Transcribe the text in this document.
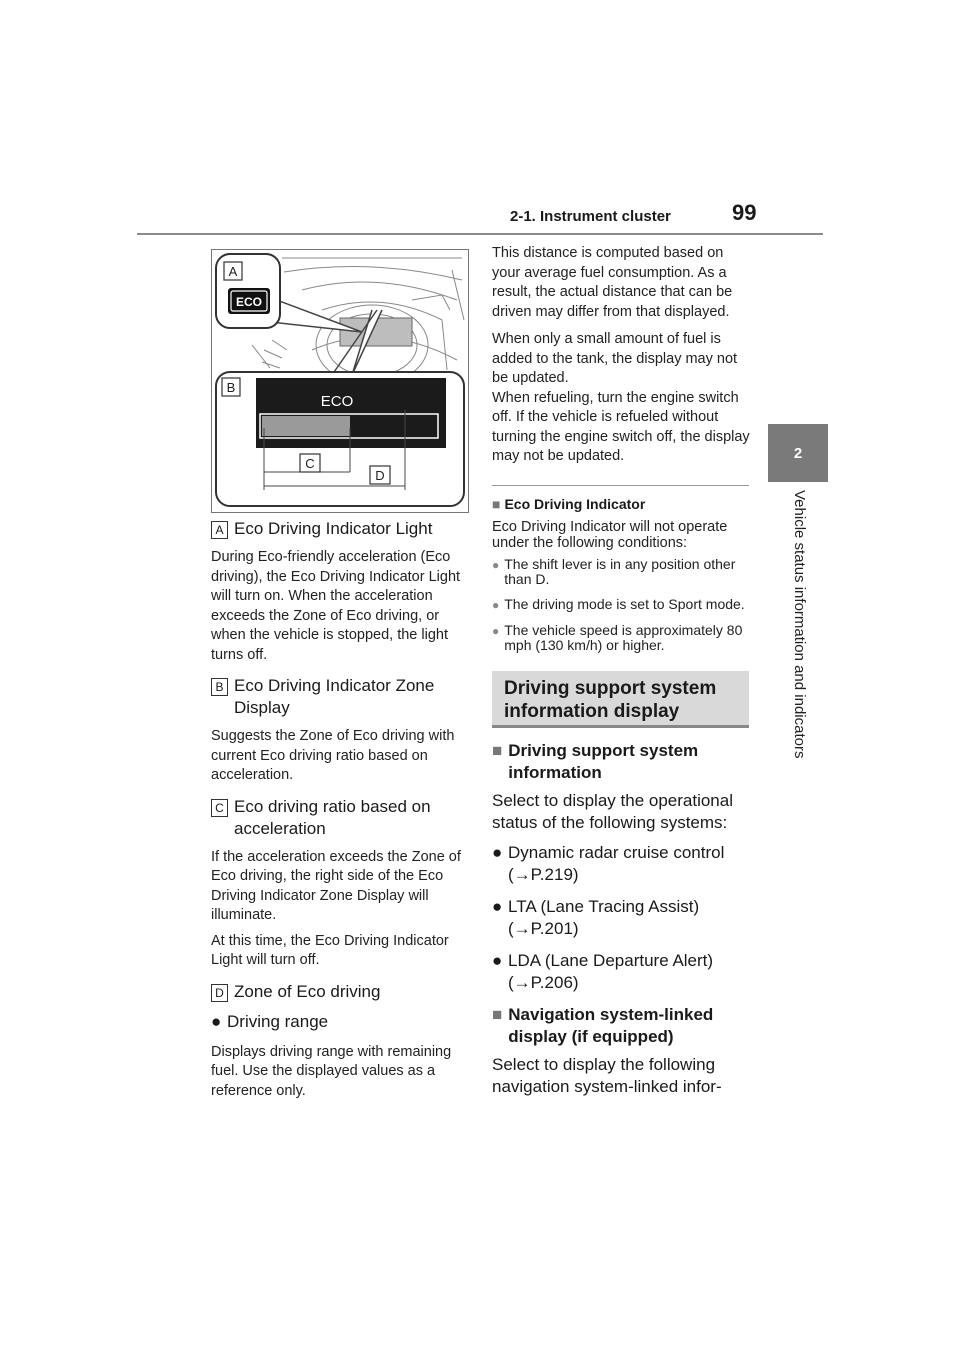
2-1. Instrument cluster	99
2
Vehicle status information and indicators
A
ECO
B
ECO
C
D
A Eco Driving Indicator Light

During Eco-friendly acceleration (Eco driving), the Eco Driving Indicator Light will turn on. When the acceleration exceeds the Zone of Eco driving, or when the vehicle is stopped, the light turns off.

B Eco Driving Indicator Zone Display

Suggests the Zone of Eco driving with current Eco driving ratio based on acceleration.

C Eco driving ratio based on acceleration

If the acceleration exceeds the Zone of Eco driving, the right side of the Eco Driving Indicator Zone Display will illuminate.

At this time, the Eco Driving Indicator Light will turn off.

D Zone of Eco driving
● Driving range

Displays driving range with remaining fuel. Use the displayed values as a reference only.

This distance is computed based on your average fuel consumption. As a result, the actual distance that can be driven may differ from that displayed.

When only a small amount of fuel is added to the tank, the display may not be updated.
When refueling, turn the engine switch off. If the vehicle is refueled without turning the engine switch off, the display may not be updated.

■ Eco Driving Indicator

Eco Driving Indicator will not operate under the following conditions:

● The shift lever is in any position other than D.
● The driving mode is set to Sport mode.
● The vehicle speed is approximately 80 mph (130 km/h) or higher.
Driving support system information display
■ Driving support system information

Select to display the operational status of the following systems:

● Dynamic radar cruise control
(→P.219)
● LTA (Lane Tracing Assist)
(→P.201)
● LDA (Lane Departure Alert)
(→P.206)
■ Navigation system-linked display (if equipped)

Select to display the following navigation system-linked infor-
